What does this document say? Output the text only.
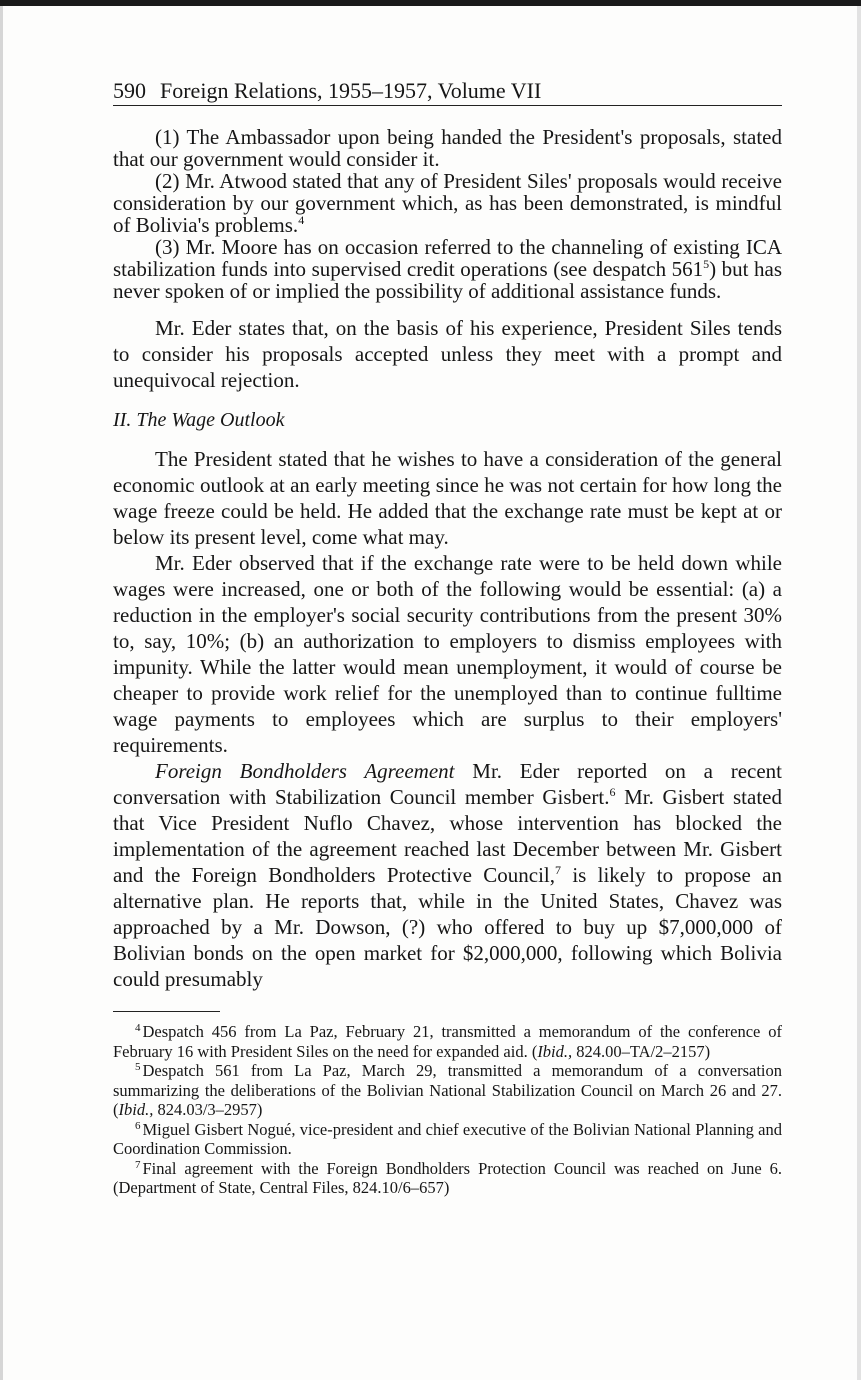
590 Foreign Relations, 1955–1957, Volume VII

(1) The Ambassador upon being handed the President's proposals, stated that our government would consider it.

(2) Mr. Atwood stated that any of President Siles' proposals would receive consideration by our government which, as has been demonstrated, is mindful of Bolivia's problems.$^4$

(3) Mr. Moore has on occasion referred to the channeling of existing ICA stabilization funds into supervised credit operations (see despatch $561^5$) but has never spoken of or implied the possibility of additional assistance funds.

Mr. Eder states that, on the basis of his experience, President Siles tends to consider his proposals accepted unless they meet with a prompt and unequivocal rejection.

II. The Wage Outlook

The President stated that he wishes to have a consideration of the general economic outlook at an early meeting since he was not certain for how long the wage freeze could be held. He added that the exchange rate must be kept at or below its present level, come what may.

Mr. Eder observed that if the exchange rate were to be held down while wages were increased, one or both of the following would be essential: (a) a reduction in the employer's social security contributions from the present 30% to, say, 10%; (b) an authorization to employers to dismiss employees with impunity. While the latter would mean unemployment, it would of course be cheaper to provide work relief for the unemployed than to continue fulltime wage payments to employees which are surplus to their employers' requirements.

Foreign Bondholders Agreement Mr. Eder reported on a recent conversation with Stabilization Council member Gisbert.$^6$ Mr. Gisbert stated that Vice President Nuflo Chavez, whose intervention has blocked the implementation of the agreement reached last December between Mr. Gisbert and the Foreign Bondholders Protective Council,$^7$ is likely to propose an alternative plan. He reports that, while in the United States, Chavez was approached by a Mr. Dowson, (?) who offered to buy up $7,000,000 of Bolivian bonds on the open market for $2,000,000, following which Bolivia could presumably

$^4$ Despatch 456 from La Paz, February 21, transmitted a memorandum of the conference of February 16 with President Siles on the need for expanded aid. (Ibid., 824.00–TA/2–2157)

$^5$ Despatch 561 from La Paz, March 29, transmitted a memorandum of a conversation summarizing the deliberations of the Bolivian National Stabilization Council on March 26 and 27. (Ibid., 824.03/3–2957)

$^6$ Miguel Gisbert Nogué, vice-president and chief executive of the Bolivian National Planning and Coordination Commission.

$^7$ Final agreement with the Foreign Bondholders Protection Council was reached on June 6. (Department of State, Central Files, 824.10/6–657)
